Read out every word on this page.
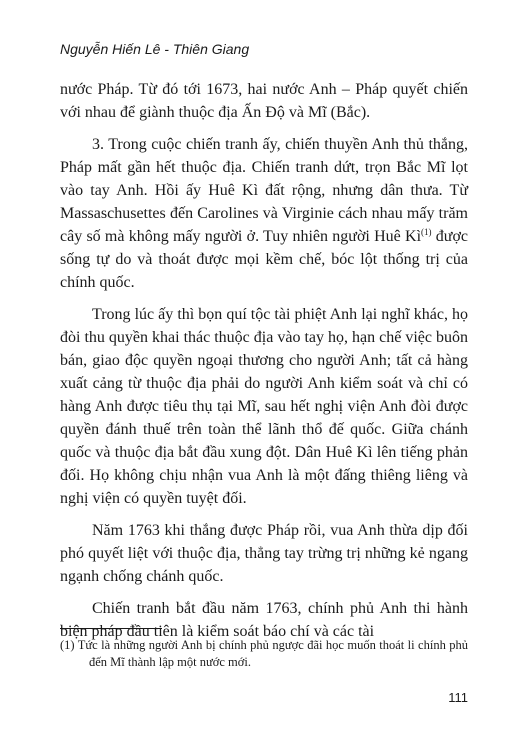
Nguyễn Hiến Lê - Thiên Giang

nước Pháp. Từ đó tới 1673, hai nước Anh – Pháp quyết chiến với nhau để giành thuộc địa Ấn Độ và Mĩ (Bắc).

3. Trong cuộc chiến tranh ấy, chiến thuyền Anh thủ thắng, Pháp mất gần hết thuộc địa. Chiến tranh dứt, trọn Bắc Mĩ lọt vào tay Anh. Hồi ấy Huê Kì đất rộng, nhưng dân thưa. Từ Massaschusettes đến Carolines và Virginie cách nhau mấy trăm cây số mà không mấy người ở. Tuy nhiên người Huê $Kì^{(1)}$ được sống tự do và thoát được mọi kềm chế, bóc lột thống trị của chính quốc.

Trong lúc ấy thì bọn quí tộc tài phiệt Anh lại nghĩ khác, họ đòi thu quyền khai thác thuộc địa vào tay họ, hạn chế việc buôn bán, giao độc quyền ngoại thương cho người Anh; tất cả hàng xuất cảng từ thuộc địa phải do người Anh kiểm soát và chỉ có hàng Anh được tiêu thụ tại Mĩ, sau hết nghị viện Anh đòi được quyền đánh thuế trên toàn thể lãnh thổ đế quốc. Giữa chánh quốc và thuộc địa bắt đầu xung đột. Dân Huê Kì lên tiếng phản đối. Họ không chịu nhận vua Anh là một đấng thiêng liêng và nghị viện có quyền tuyệt đối.

Năm 1763 khi thắng được Pháp rồi, vua Anh thừa dịp đối phó quyết liệt với thuộc địa, thẳng tay trừng trị những kẻ ngang ngạnh chống chánh quốc.

Chiến tranh bắt đầu năm 1763, chính phủ Anh thi hành biện pháp đầu tiên là kiểm soát báo chí và các tài

(1) Tức là những người Anh bị chính phủ ngược đãi học muốn thoát li chính phủ đến Mĩ thành lập một nước mới.
111
